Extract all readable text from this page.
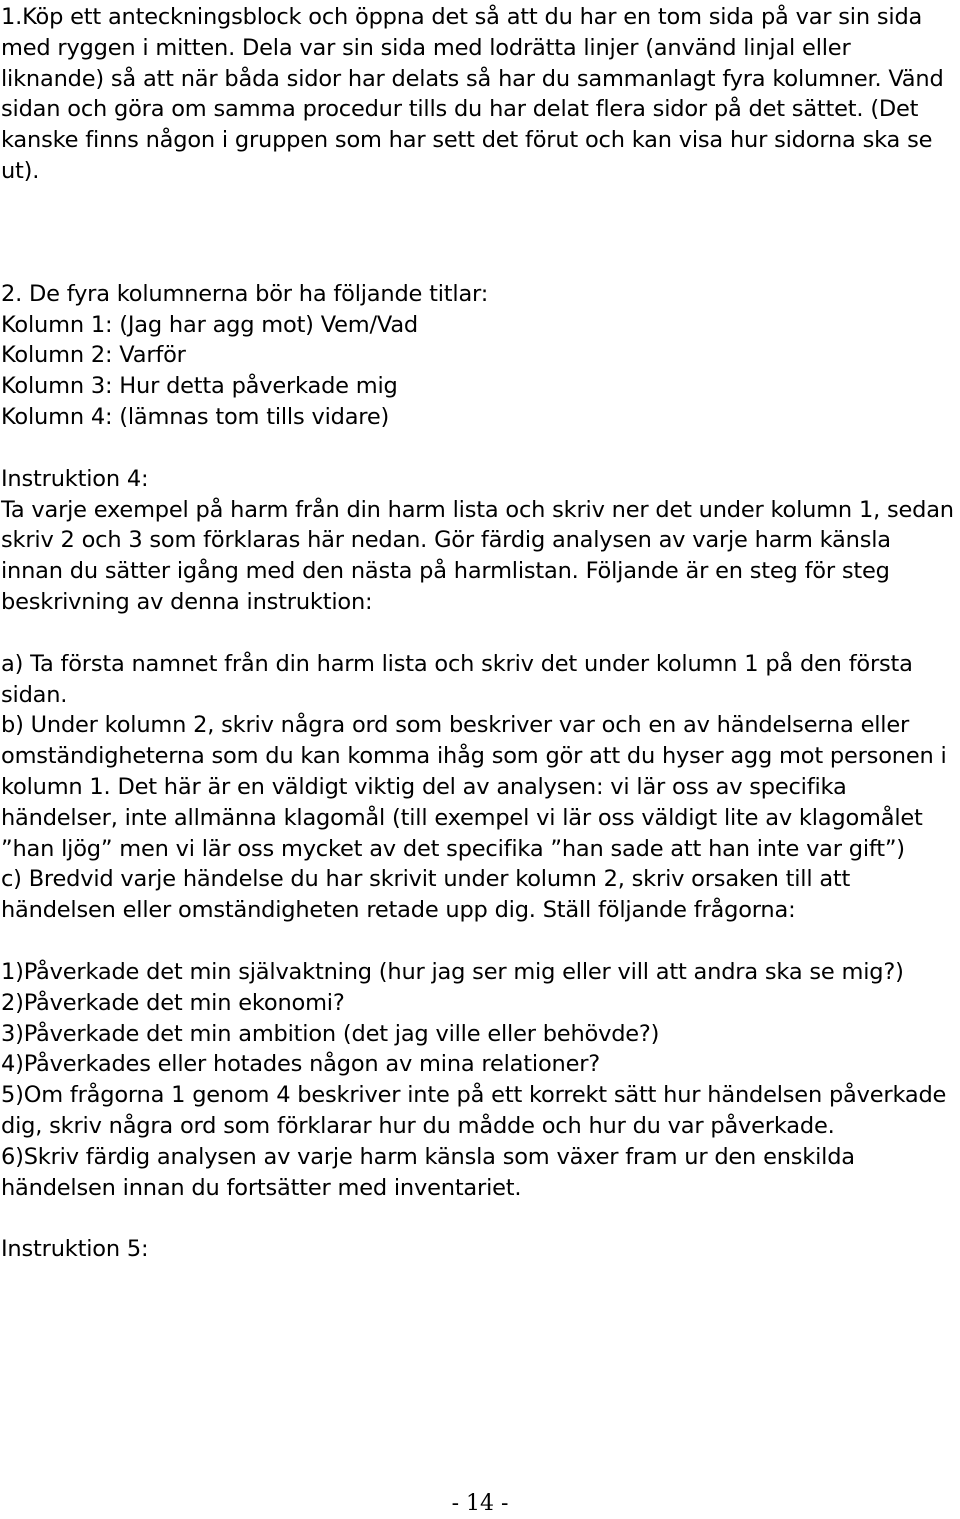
1.Köp ett anteckningsblock och öppna det så att du har en tom sida på var sin sida med ryggen i mitten. Dela var sin sida med lodrätta linjer (använd linjal eller liknande) så att när båda sidor har delats så har du sammanlagt fyra kolumner. Vänd sidan och göra om samma procedur tills du har delat flera sidor på det sättet. (Det kanske finns någon i gruppen som har sett det förut och kan visa hur sidorna ska se ut).

2. De fyra kolumnerna bör ha följande titlar:

Kolumn 1: (Jag har agg mot) Vem/Vad

Kolumn 2: Varför

Kolumn 3: Hur detta påverkade mig

Kolumn 4: (lämnas tom tills vidare)

Instruktion 4:

Ta varje exempel på harm från din harm lista och skriv ner det under kolumn 1, sedan skriv 2 och 3 som förklaras här nedan. Gör färdig analysen av varje harm känsla innan du sätter igång med den nästa på harmlistan. Följande är en steg för steg beskrivning av denna instruktion:

a) Ta första namnet från din harm lista och skriv det under kolumn 1 på den första sidan.

b) Under kolumn 2, skriv några ord som beskriver var och en av händelserna eller omständigheterna som du kan komma ihåg som gör att du hyser agg mot personen i kolumn 1. Det här är en väldigt viktig del av analysen: vi lär oss av specifika händelser, inte allmänna klagomål (till exempel vi lär oss väldigt lite av klagomålet ”han ljög” men vi lär oss mycket av det specifika ”han sade att han inte var gift”)

c) Bredvid varje händelse du har skrivit under kolumn 2, skriv orsaken till att händelsen eller omständigheten retade upp dig. Ställ följande frågorna:

1)Påverkade det min självaktning (hur jag ser mig eller vill att andra ska se mig?)

2)Påverkade det min ekonomi?

3)Påverkade det min ambition (det jag ville eller behövde?)

4)Påverkades eller hotades någon av mina relationer?

5)Om frågorna 1 genom 4 beskriver inte på ett korrekt sätt hur händelsen påverkade dig, skriv några ord som förklarar hur du mådde och hur du var påverkade.

6)Skriv färdig analysen av varje harm känsla som växer fram ur den enskilda händelsen innan du fortsätter med inventariet.

Instruktion 5:

- 14 -
